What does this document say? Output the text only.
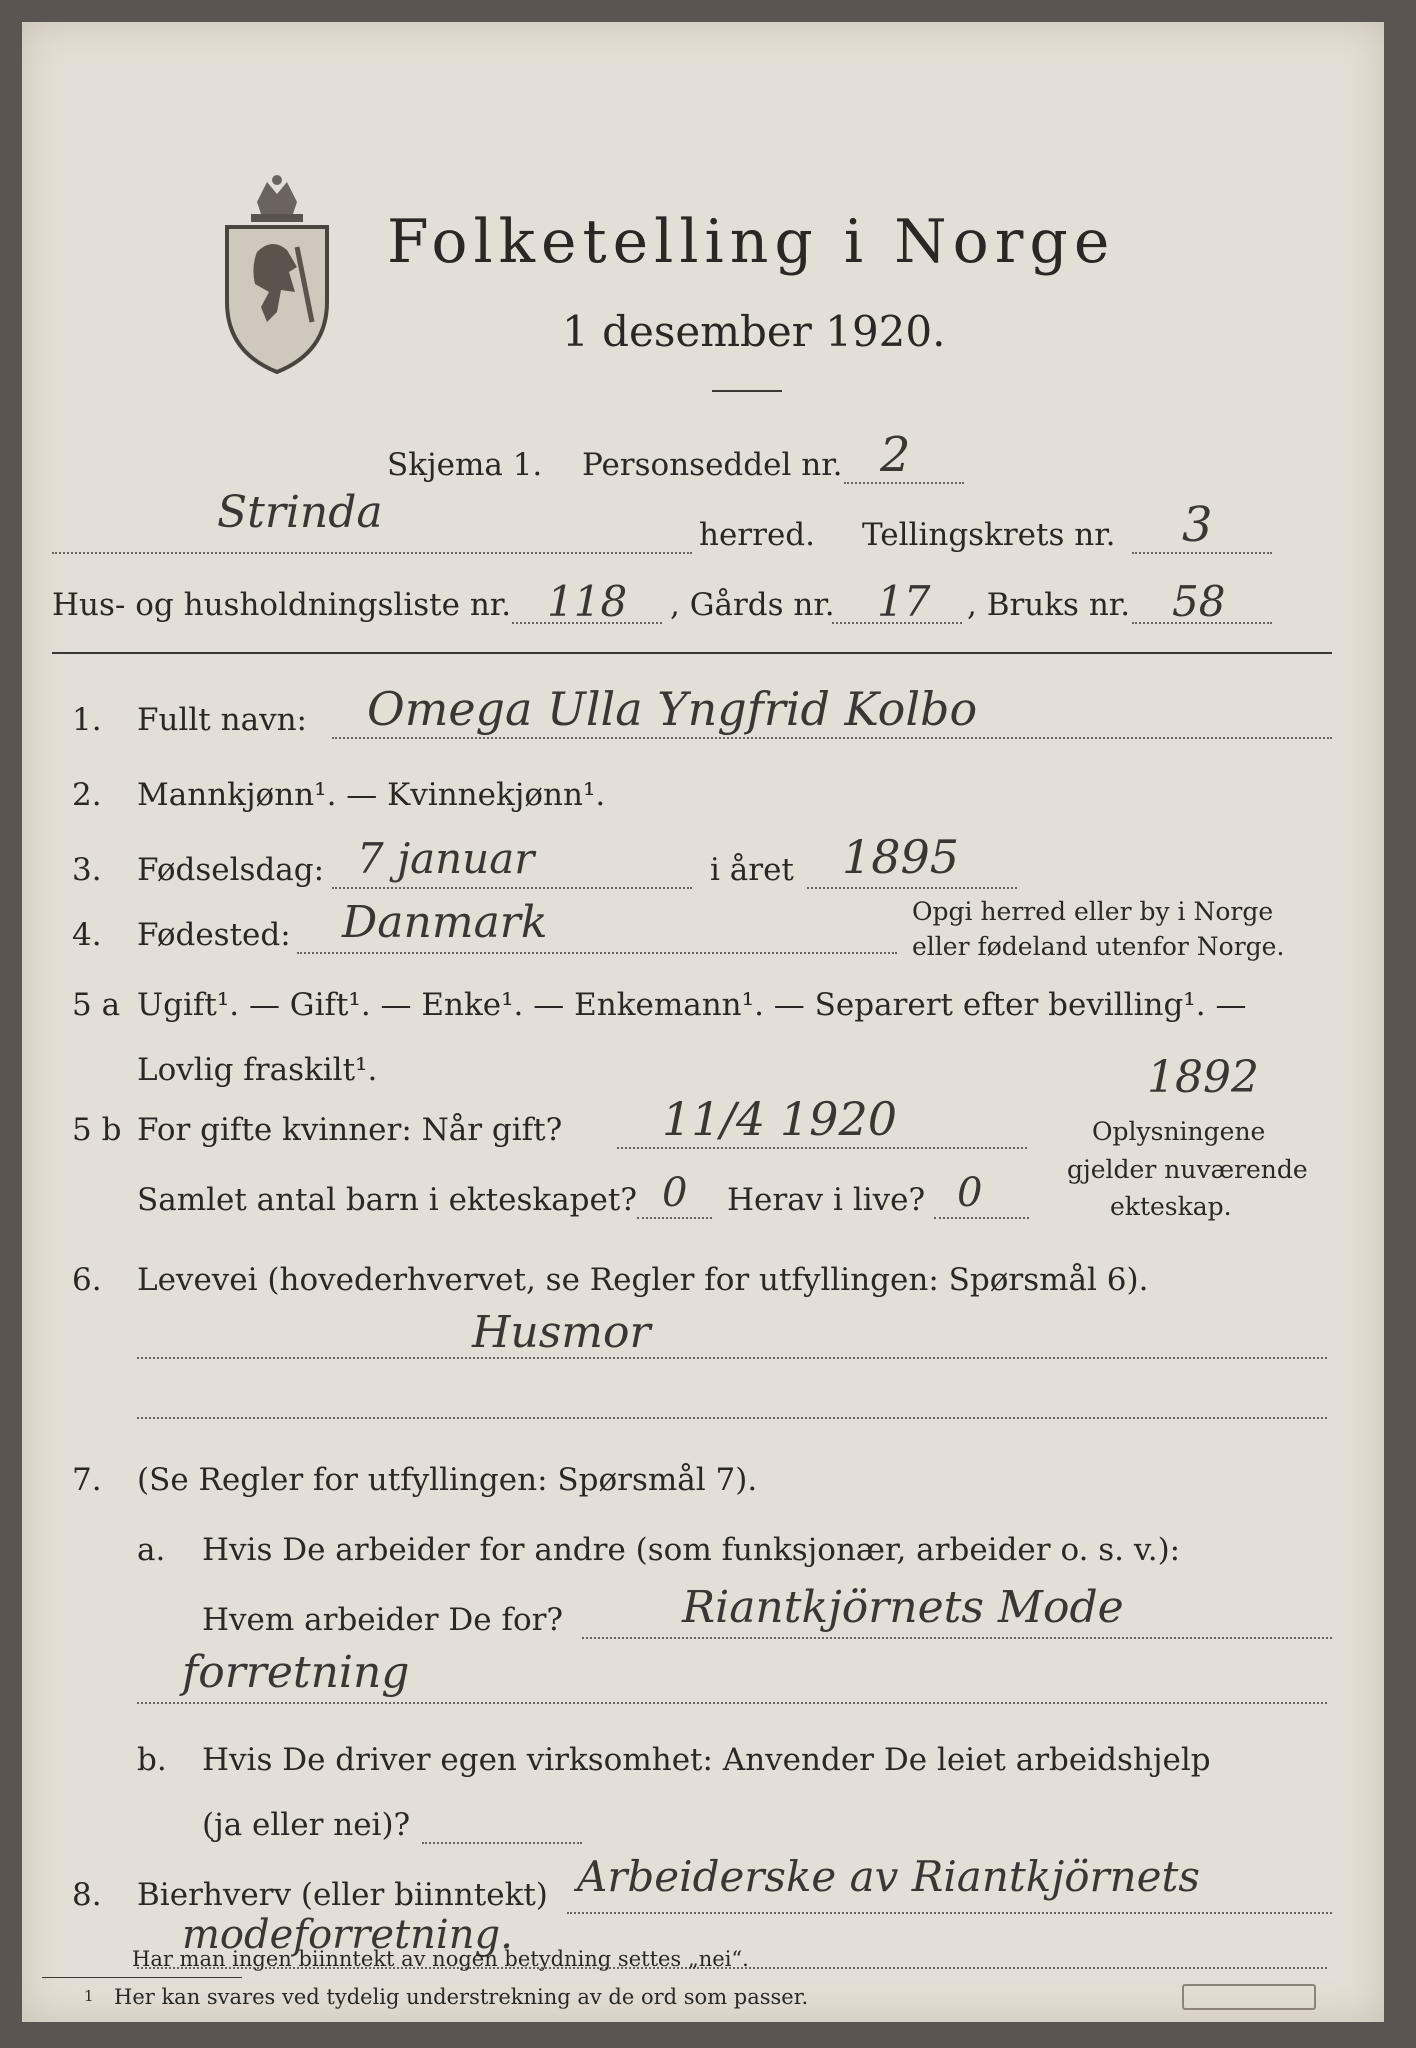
Folketelling i Norge
1 desember 1920.
Skjema 1. Personseddel nr. 2
Strinda	herred. Tellingskrets nr. 3
Hus- og husholdningsliste nr. 118 , Gårds nr. 17 , Bruks nr. 58
1. Fullt navn: Omega Ulla Yngfrid Kolbo
2. Mannkjønn¹. — Kvinnekjønn¹.
3. Fødselsdag: 7 januar	i året 1895
4. Fødested: Danmark	Opgi herred eller by i Norge
eller fødeland utenfor Norge.
5 a Ugift¹. — Gift¹. — Enke¹. — Enkemann¹. — Separert efter bevilling¹. —
Lovlig fraskilt¹.	1892
5 b For gifte kvinner: Når gift? 11/4 1920
Samlet antal barn i ekteskapet? 0 Herav i live? 0
Oplysningene
gjelder nuværende
ekteskap.
6. Levevei (hovederhvervet, se Regler for utfyllingen: Spørsmål 6).
Husmor
7. (Se Regler for utfyllingen: Spørsmål 7).
a. Hvis De arbeider for andre (som funksjonær, arbeider o. s. v.):
Hvem arbeider De for?	Riantkjörnets Mode
forretning
b. Hvis De driver egen virksomhet: Anvender De leiet arbeidshjelp
(ja eller nei)?
8. Bierhverv (eller biinntekt) Arbeiderske av Riantkjörnets
modeforretning.
Har man ingen biinntekt av nogen betydning settes „nei“.
1 Her kan svares ved tydelig understrekning av de ord som passer.
